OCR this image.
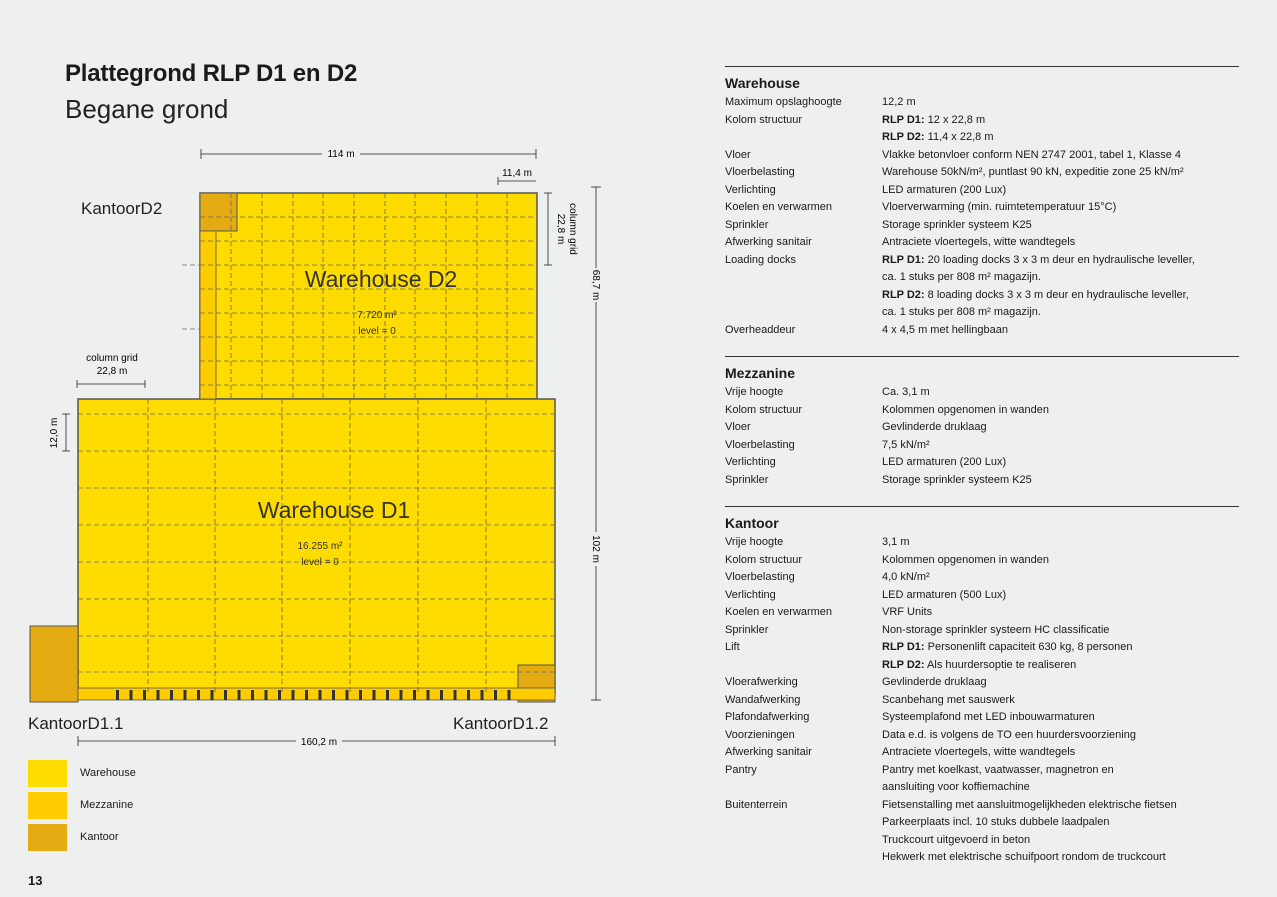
Plattegrond RLP D1 en D2
Begane grond
114 m
11,4 m
column grid
22,8 m
68,7 m
102 m
160,2 m
column grid
22,8 m
12,0 m
Warehouse D2
7.720 m²
level = 0
Warehouse D1
16.255 m²
level = 0
KantoorD2
KantoorD1.1	KantoorD1.2
Warehouse
Mezzanine
Kantoor
Warehouse
Maximum opslaghoogte	12,2 m
Kolom structuur	RLP D1: 12 x 22,8 m
RLP D2: 11,4 x 22,8 m
Vloer	Vlakke betonvloer conform NEN 2747 2001, tabel 1, Klasse 4
Vloerbelasting	Warehouse 50kN/m², puntlast 90 kN, expeditie zone 25 kN/m²
Verlichting	LED armaturen (200 Lux)
Koelen en verwarmen	Vloerverwarming (min. ruimtetemperatuur 15°C)
Sprinkler	Storage sprinkler systeem K25
Afwerking sanitair	Antraciete vloertegels, witte wandtegels
Loading docks	RLP D1: 20 loading docks 3 x 3 m deur en hydraulische leveller,
ca. 1 stuks per 808 m² magazijn.
RLP D2: 8 loading docks 3 x 3 m deur en hydraulische leveller,
ca. 1 stuks per 808 m² magazijn.
Overheaddeur	4 x 4,5 m met hellingbaan
Mezzanine
Vrije hoogte	Ca. 3,1 m
Kolom structuur	Kolommen opgenomen in wanden
Vloer	Gevlinderde druklaag
Vloerbelasting	7,5 kN/m²
Verlichting	LED armaturen (200 Lux)
Sprinkler	Storage sprinkler systeem K25
Kantoor
Vrije hoogte	3,1 m
Kolom structuur	Kolommen opgenomen in wanden
Vloerbelasting	4,0 kN/m²
Verlichting	LED armaturen (500 Lux)
Koelen en verwarmen	VRF Units
Sprinkler	Non-storage sprinkler systeem HC classificatie
Lift	RLP D1: Personenlift capaciteit 630 kg, 8 personen
RLP D2: Als huurdersoptie te realiseren
Vloerafwerking	Gevlinderde druklaag
Wandafwerking	Scanbehang met sauswerk
Plafondafwerking	Systeemplafond met LED inbouwarmaturen
Voorzieningen	Data e.d. is volgens de TO een huurdersvoorziening
Afwerking sanitair	Antraciete vloertegels, witte wandtegels
Pantry	Pantry met koelkast, vaatwasser, magnetron en
aansluiting voor koffiemachine
Buitenterrein	Fietsenstalling met aansluitmogelijkheden elektrische fietsen
Parkeerplaats incl. 10 stuks dubbele laadpalen
Truckcourt uitgevoerd in beton
Hekwerk met elektrische schuifpoort rondom de truckcourt
13
